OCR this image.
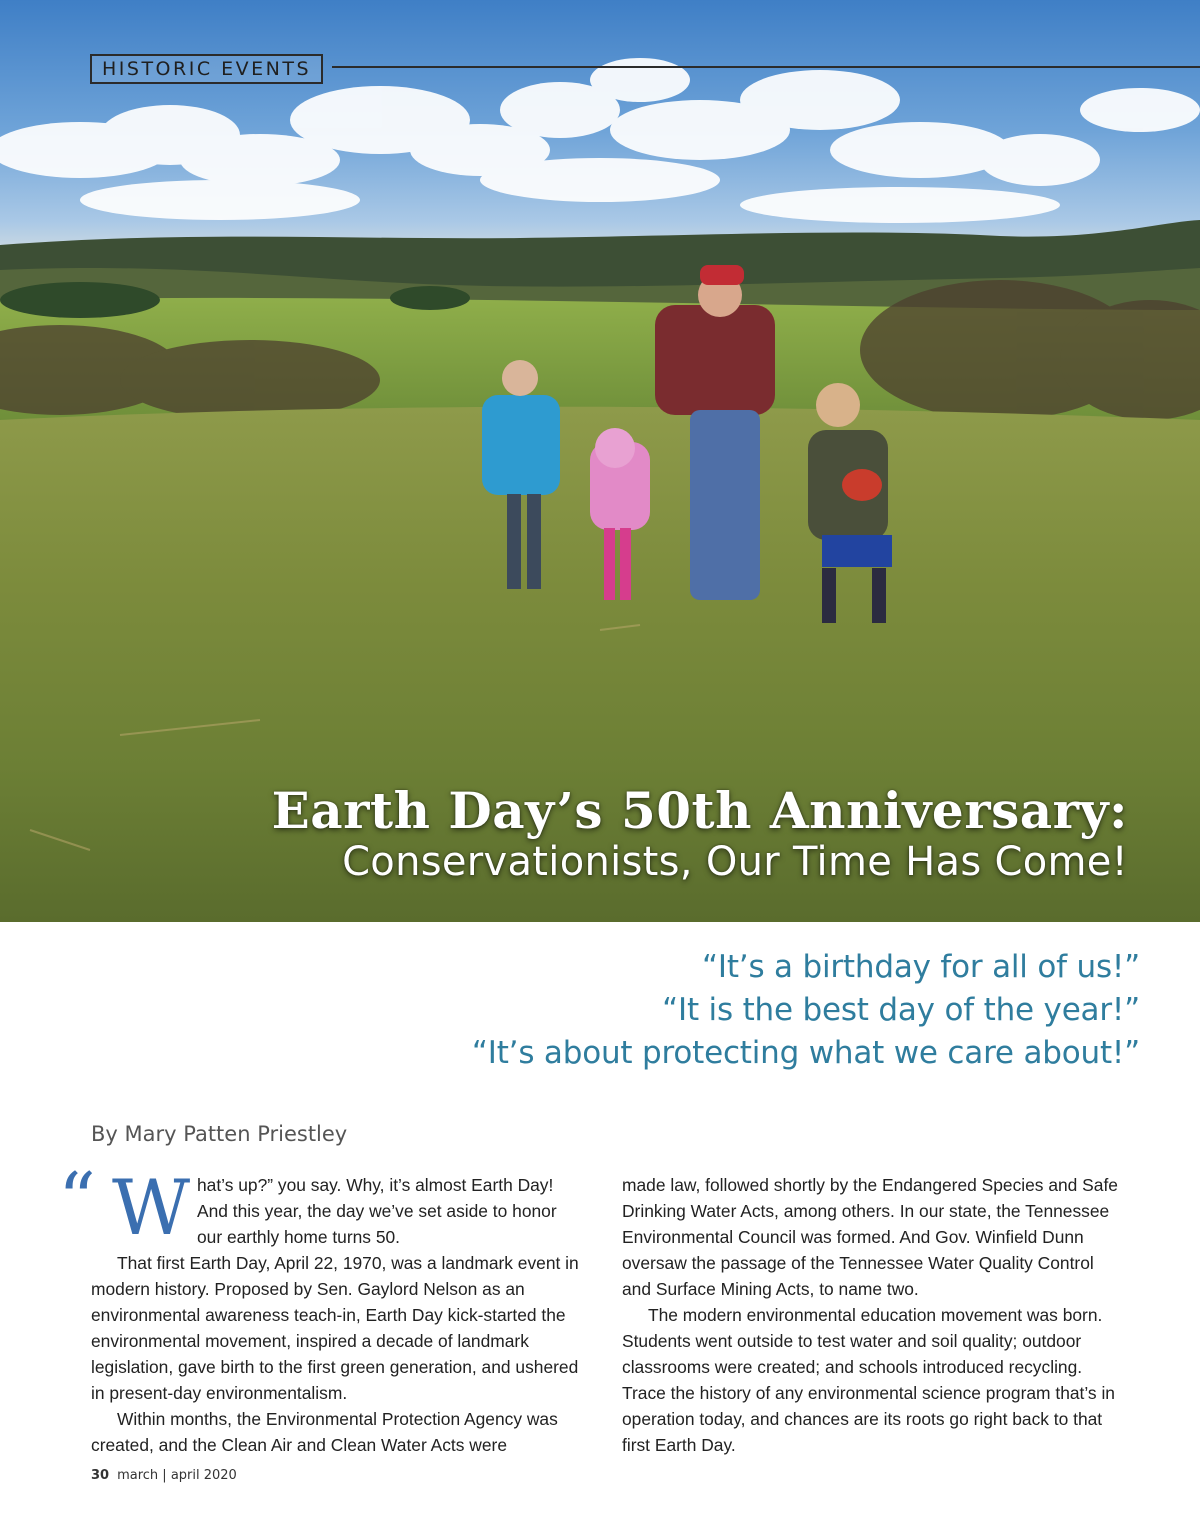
HISTORIC EVENTS
Earth Day’s 50th Anniversary:
Conservationists, Our Time Has Come!
“It’s a birthday for all of us!”
“It is the best day of the year!”
“It’s about protecting what we care about!”
By Mary Patten Priestley
“ W hat’s up?” you say. Why, it’s almost Earth Day!
And this year, the day we’ve set aside to honor
our earthly home turns 50.

That first Earth Day, April 22, 1970, was a landmark event in modern history. Proposed by Sen. Gaylord Nelson as an environmental awareness teach-in, Earth Day kick-started the environmental movement, inspired a decade of landmark legislation, gave birth to the first green generation, and ushered in present-day environmentalism.

Within months, the Environmental Protection Agency was created, and the Clean Air and Clean Water Acts were

made law, followed shortly by the Endangered Species and Safe Drinking Water Acts, among others. In our state, the Tennessee Environmental Council was formed. And Gov. Winfield Dunn oversaw the passage of the Tennessee Water Quality Control and Surface Mining Acts, to name two.

The modern environmental education movement was born. Students went outside to test water and soil quality; outdoor classrooms were created; and schools introduced recycling. Trace the history of any environmental science program that’s in operation today, and chances are its roots go right back to that first Earth Day.

30 march | april 2020
